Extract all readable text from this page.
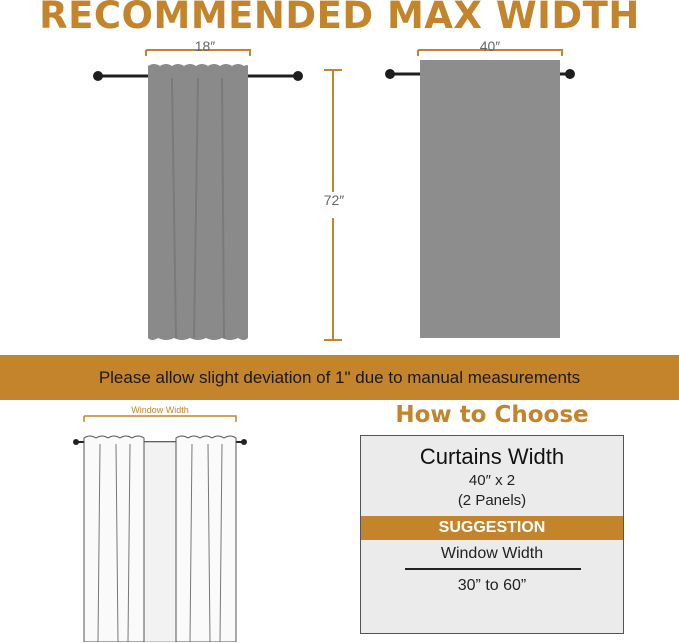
RECOMMENDED MAX WIDTH
18″
72″
40″
Please allow slight deviation of 1" due to manual measurements
Window Width	How to Choose
Curtains Width
40″ x 2
(2 Panels)
SUGGESTION
Window Width
30” to 60”
